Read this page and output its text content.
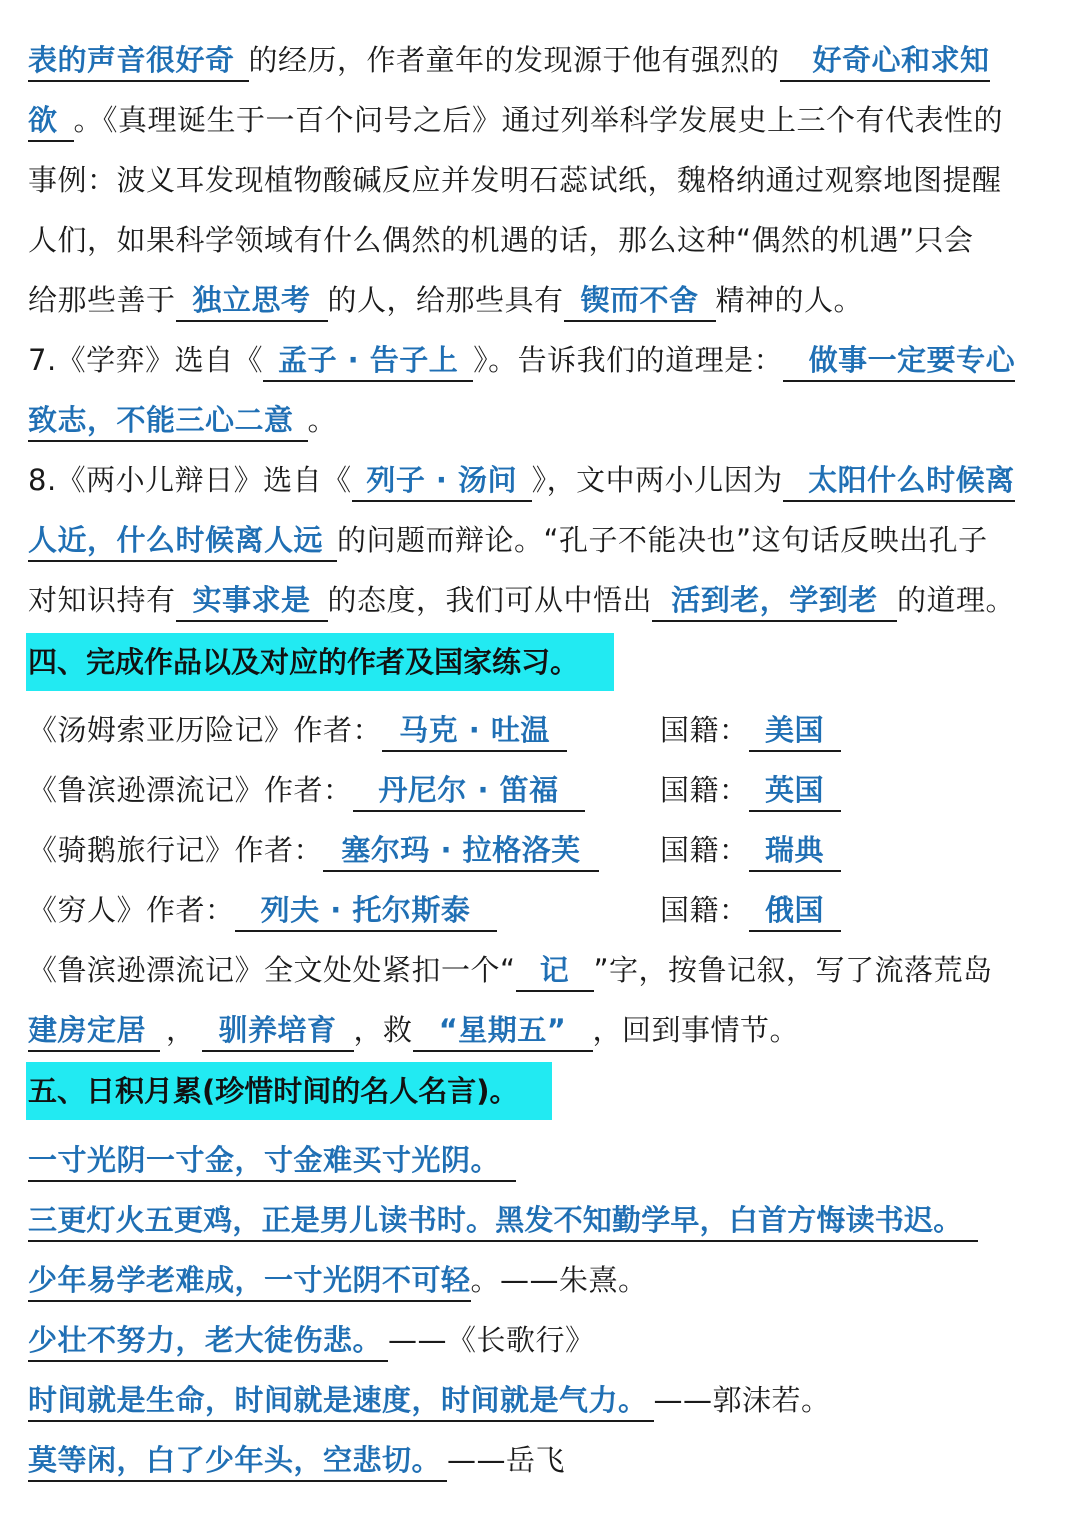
表的声音很好奇 的经历，作者童年的发现源于他有强烈的 好奇心和求知
欲 。《真理诞生于一百个问号之后》通过列举科学发展史上三个有代表性的
事例：波义耳发现植物酸碱反应并发明石蕊试纸，魏格纳通过观察地图提醒
人们，如果科学领域有什么偶然的机遇的话，那么这种“偶然的机遇”只会
给那些善于 独立思考 的人，给那些具有 锲而不舍 精神的人。
7.《学弈》选自《 孟子 · 告子上 》。告诉我们的道理是： 做事一定要专心
致志，不能三心二意 。
8.《两小儿辩日》选自《 列子 · 汤问 》，文中两小儿因为 太阳什么时候离
人近，什么时候离人远 的问题而辩论。“孔子不能决也”这句话反映出孔子
对知识持有 实事求是 的态度，我们可从中悟出 活到老，学到老 的道理。
四、完成作品以及对应的作者及国家练习。
《汤姆索亚历险记》作者： 马克 · 吐温	国籍： 美国
《鲁滨逊漂流记》作者： 丹尼尔 · 笛福	国籍： 英国
《骑鹅旅行记》作者： 塞尔玛 · 拉格洛芙	国籍： 瑞典
《穷人》作者： 列夫 · 托尔斯泰	国籍： 俄国
《鲁滨逊漂流记》全文处处紧扣一个“ 记 ”字，按鲁记叙，写了流落荒岛
建房定居 ， 驯养培育 ，救 “星期五” ，回到事情节。
五、日积月累(珍惜时间的名人名言)。
一寸光阴一寸金，寸金难买寸光阴。
三更灯火五更鸡，正是男儿读书时。黑发不知勤学早，白首方悔读书迟。
少年易学老难成，一寸光阴不可轻。——朱熹。
少壮不努力，老大徒伤悲。 ——《长歌行》
时间就是生命，时间就是速度，时间就是气力。 ——郭沫若。
莫等闲，白了少年头，空悲切。 ——岳飞
